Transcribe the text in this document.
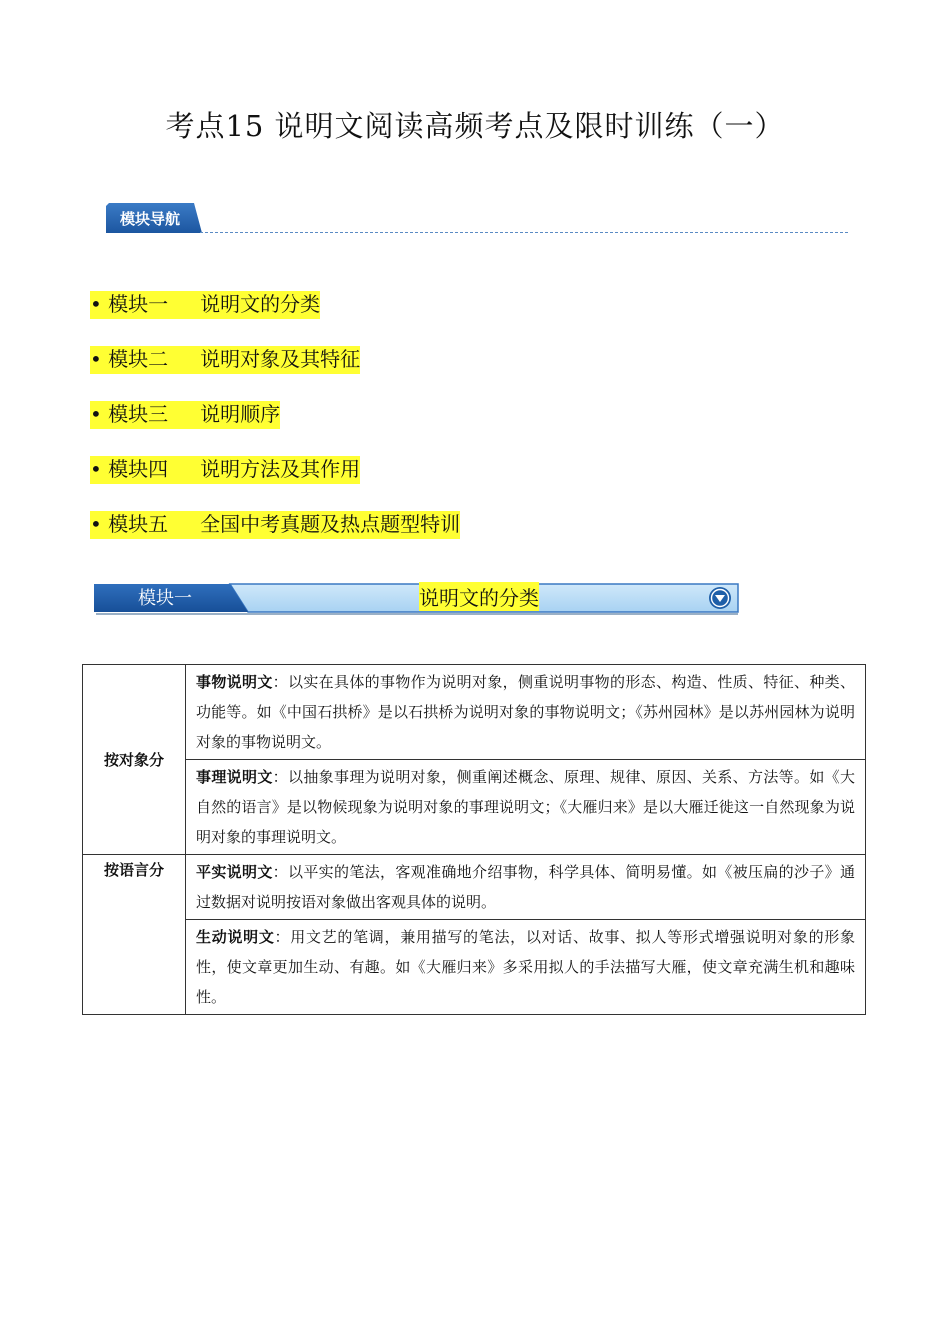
考点15 说明文阅读高频考点及限时训练（一）
模块导航
• 模块一 说明文的分类
• 模块二 说明对象及其特征
• 模块三 说明顺序
• 模块四 说明方法及其作用
• 模块五 全国中考真题及热点题型特训
模块一	说明文的分类
按对象分	事物说明文：以实在具体的事物作为说明对象，侧重说明事物的形态、构造、性质、特征、种类、功能等。如《中国石拱桥》是以石拱桥为说明对象的事物说明文；《苏州园林》是以苏州园林为说明对象的事物说明文。
	事理说明文：以抽象事理为说明对象，侧重阐述概念、原理、规律、原因、关系、方法等。如《大自然的语言》是以物候现象为说明对象的事理说明文；《大雁归来》是以大雁迁徙这一自然现象为说明对象的事理说明文。
按语言分	平实说明文：以平实的笔法，客观准确地介绍事物，科学具体、简明易懂。如《被压扁的沙子》通过数据对说明按语对象做出客观具体的说明。
	生动说明文：用文艺的笔调，兼用描写的笔法，以对话、故事、拟人等形式增强说明对象的形象性，使文章更加生动、有趣。如《大雁归来》多采用拟人的手法描写大雁，使文章充满生机和趣味性。
